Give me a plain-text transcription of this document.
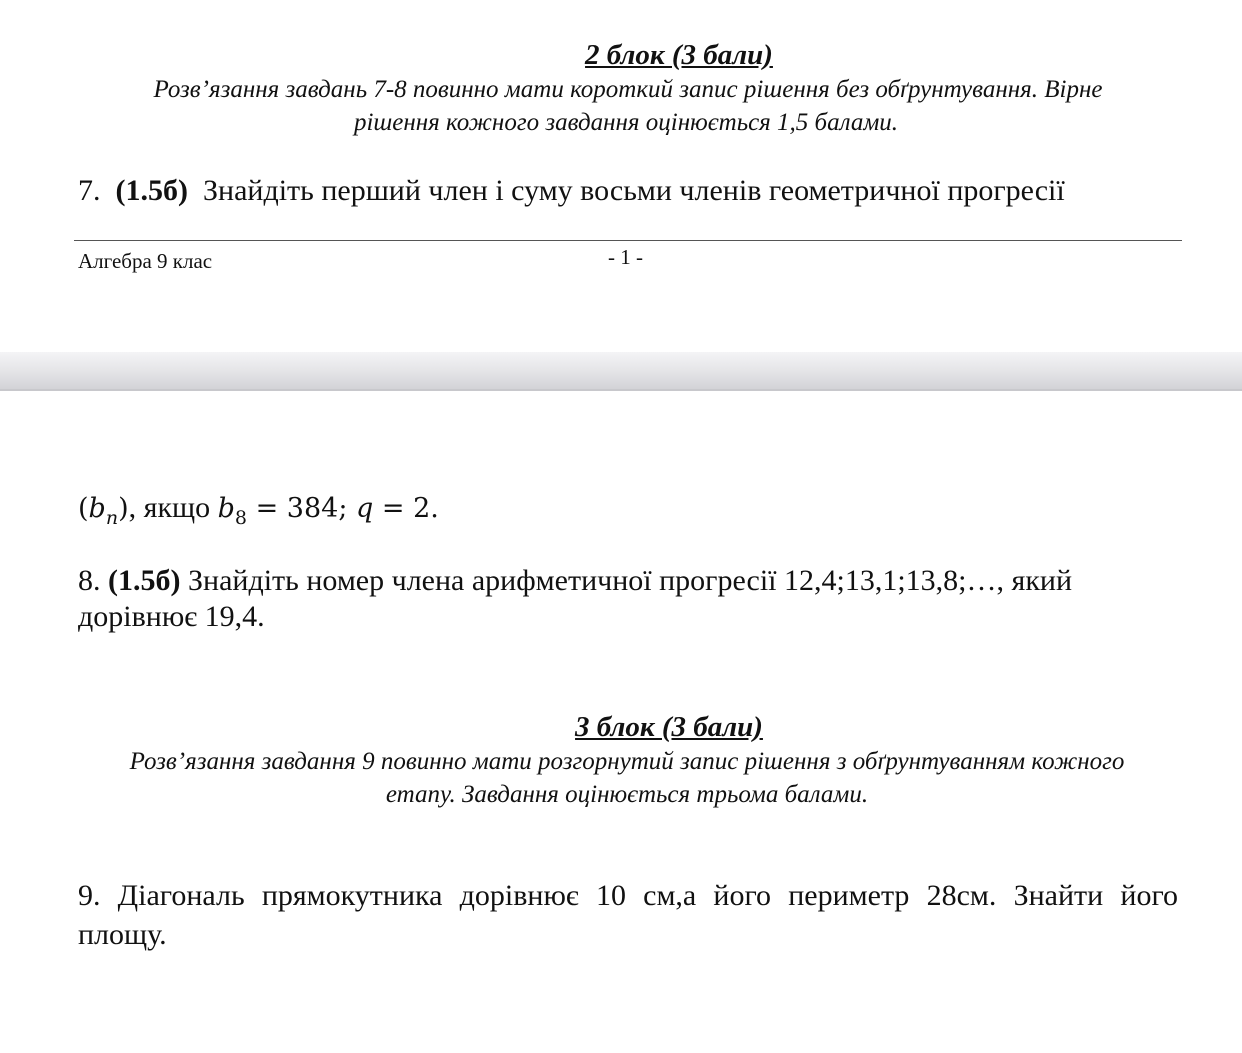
2 блок (3 бали)
Розв’язання завдань 7-8 повинно мати короткий запис рішення без обґрунтування. Вірне
рішення кожного завдання оцінюється 1,5 балами.
7. (1.5б) Знайдіть перший член і суму восьми членів геометричної прогресії
Алгебра 9 клас	- 1 -
$(b_n)$, якщо $b_8 = 384$; q = 2.
8. (1.5б) Знайдіть номер члена арифметичної прогресії 12,4;13,1;13,8;…, який
дорівнює 19,4.
3 блок (3 бали)
Розв’язання завдання 9 повинно мати розгорнутий запис рішення з обґрунтуванням кожного
етапу. Завдання оцінюється трьома балами.
9. Діагональ прямокутника дорівнює 10 см,а його периметр 28см. Знайти його
площу.
